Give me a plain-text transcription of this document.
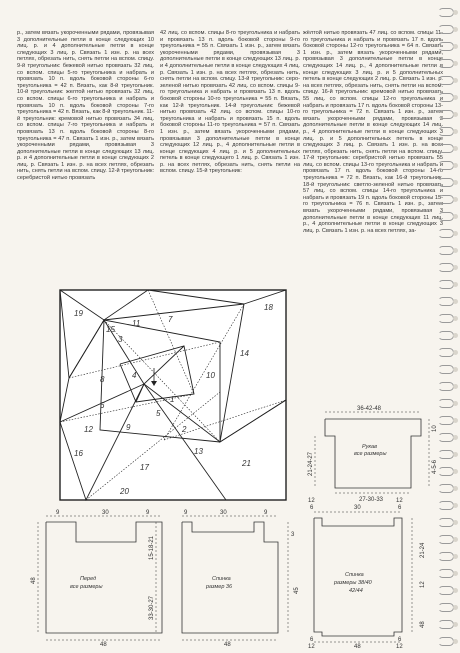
р., затем вязать укороченными рядами, провязывая 3 дополнительные петли в конце следующих 10 лиц. р. и 4 дополнительные петли в конце следующих 3 лиц. р. Связать 1 изн. р. на всех петлях, обрезать нить, снять петли на вспом. спицу. 9-й треугольник: бежевой нитью провязать 32 лиц. со вспом. спицы 5-го треугольника и набрать и провязать 10 п. вдоль боковой стороны 6-го треугольника = 42 п. Вязать, как 8-й треугольник. 10-й треугольник: желтой нитью провязать 32 лиц. со вспом. спицы 6-го треугольника и набрать и провязать 10 п. вдоль боковой стороны 7-го треугольника = 42 п. Вязать, как 8-й треугольник. 11-й треугольник: кремовой нитью провязать 34 лиц. со вспом. спицы 7-го треугольника и набрать и провязать 13 п. вдоль боковой стороны 8-го треугольника = 47 п. Связать 1 изн. р., затем вязать укороченными рядами, провязывая 3 дополнительные петли в конце следующих 13 лиц. р. и 4 дополнительные петли в конце следующих 2 лиц. р. Связать 1 изн. р. на всех петлях, обрезать нить, снять петли на вспом. спицу. 12-й треугольник: серебристой нитью провязать
42 лиц. со вспом. спицы 8-го треугольника и набрать и провязать 13 п. вдоль боковой стороны 9-го треугольника = 55 п. Связать 1 изн. р., затем вязать укороченными рядами, провязывая 3 дополнительные петли в конце следующих 13 лиц. р. и 4 дополнительные петли в конце следующих 4 лиц. р. Связать 1 изн. р. на всех петлях, обрезать нить, снять петли на вспом. спицу. 13-й треугольник: серо-зеленой нитью провязать 42 лиц. со вспом. спицы 9-го треугольника и набрать и провязать 13 п. вдоль боковой стороны 10-го треугольника = 55 п. Вязать, как 12-й треугольник. 14-й треугольник: бежевой нитью провязать 42 лиц. со вспом. спицы 10-го треугольника и набрать и провязать 15 п. вдоль боковой стороны 11-го треугольника = 57 п. Связать 1 изн. р., затем вязать укороченными рядами, провязывая 3 дополнительные петли в конце следующих 12 лиц. р., 4 дополнительные петли в конце следующих 4 лиц. р. и 5 дополнительных петель в конце следующего 1 лиц. р. Связать 1 изн. р. на всех петлях, обрезать нить, снять петли на вспом. спицу. 15-й треугольник:
жёлтой нитью провязать 47 лиц. со вспом. спицы 11-го треугольника и набрать и провязать 17 п. вдоль боковой стороны 12-го треугольника = 64 п. Связать 1 изн. р., затем вязать укороченными рядами, провязывая 3 дополнительные петли в конце следующих 14 лиц. р., 4 дополнительные петли в конце следующих 3 лиц. р. и 5 дополнительных петель в конце следующих 2 лиц. р. Связать 1 изн. р. на всех петлях, обрезать нить, снять петли на вспом. спицу. 16-й треугольник: кремовой нитью провязать 55 лиц. со вспом. спицы 12-го треугольника и набрать и провязать 17 п. вдоль боковой стороны 13-го треугольника = 72 п. Связать 1 изн. р., затем вязать укороченными рядами, провязывая 3 дополнительные петли в конце следующих 14 лиц. р., 4 дополнительные петли в конце следующих 3 лиц. р. и 5 дополнительных петель в конце следующих 3 лиц. р. Связать 1 изн. р. на всех петлях, обрезать нить, снять петли на вспом. спицу. 17-й треугольник: серебристой нитью провязать 55 лиц. со вспом. спицы 13-го треугольника и набрать и провязать 17 п. вдоль боковой стороны 14-го треугольника = 72 п. Вязать, как 16-й треугольник. 18-й треугольник: светло-зеленой нитью провязать 57 лиц. со вспом. спицы 14-го треугольника и набрать и провязать 19 п. вдоль боковой стороны 15-го треугольника = 76 п. Связать 1 изн. р., затем вязать укороченными рядами, провязывая 3 дополнительные петли в конце следующих 11 лиц. р., 4 дополнительные петли в конце следующих 3 лиц. р. Связать 1 изн. р. на всех петлях, за-
19
18
15
11	7
14
3
4
8
6
10
5
12	9
1
2
13
16
17	21
20
36-42-48
Рукав
все размеры
27-30-33
21-24-27
10
4-5-6
9	30	9
Перед
все размеры
48
15-18-21
33-30-27
48
9	30	9
Спинка
размер 36
3
45
48
12
6	30
12
6
Спинка
размеры 38/40
42/44
21-24
12
48
6
12	48
6
12
